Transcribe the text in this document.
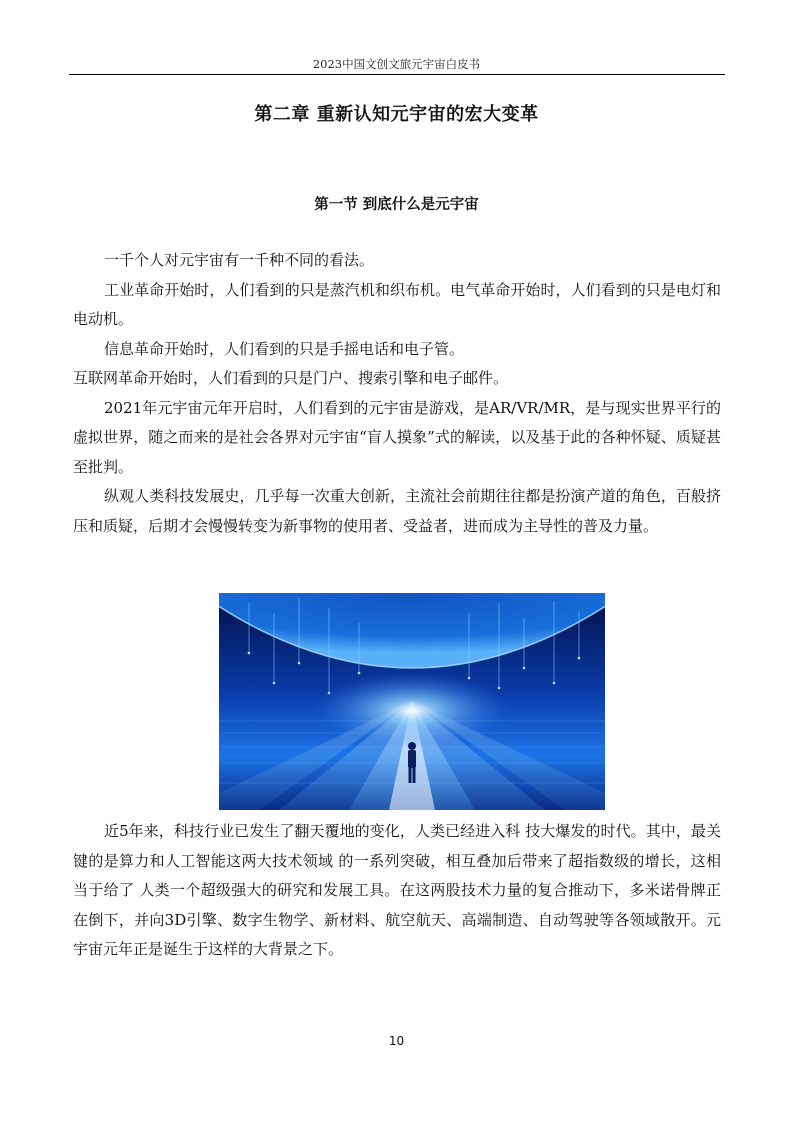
2023中国文创文旅元宇宙白皮书
第二章 重新认知元宇宙的宏大变革
第一节 到底什么是元宇宙

一千个人对元宇宙有一千种不同的看法。

工业革命开始时，人们看到的只是蒸汽机和织布机。电气革命开始时，人们看到的只是电灯和电动机。

信息革命开始时，人们看到的只是手摇电话和电子管。

互联网革命开始时，人们看到的只是门户、搜索引擎和电子邮件。

2021年元宇宙元年开启时，人们看到的元宇宙是游戏，是AR/VR/MR，是与现实世界平行的虚拟世界，随之而来的是社会各界对元宇宙“盲人摸象”式的解读，以及基于此的各种怀疑、质疑甚至批判。

纵观人类科技发展史，几乎每一次重大创新，主流社会前期往往都是扮演产道的角色，百般挤压和质疑，后期才会慢慢转变为新事物的使用者、受益者，进而成为主导性的普及力量。

近5年来，科技行业已发生了翻天覆地的变化，人类已经进入科 技大爆发的时代。其中，最关键的是算力和人工智能这两大技术领域 的一系列突破，相互叠加后带来了超指数级的增长，这相当于给了 人类一个超级强大的研究和发展工具。在这两股技术力量的复合推动下，多米诺骨牌正在倒下，并向3D引擎、数字生物学、新材料、航空航天、高端制造、自动驾驶等各领域散开。元宇宙元年正是诞生于这样的大背景之下。

10
